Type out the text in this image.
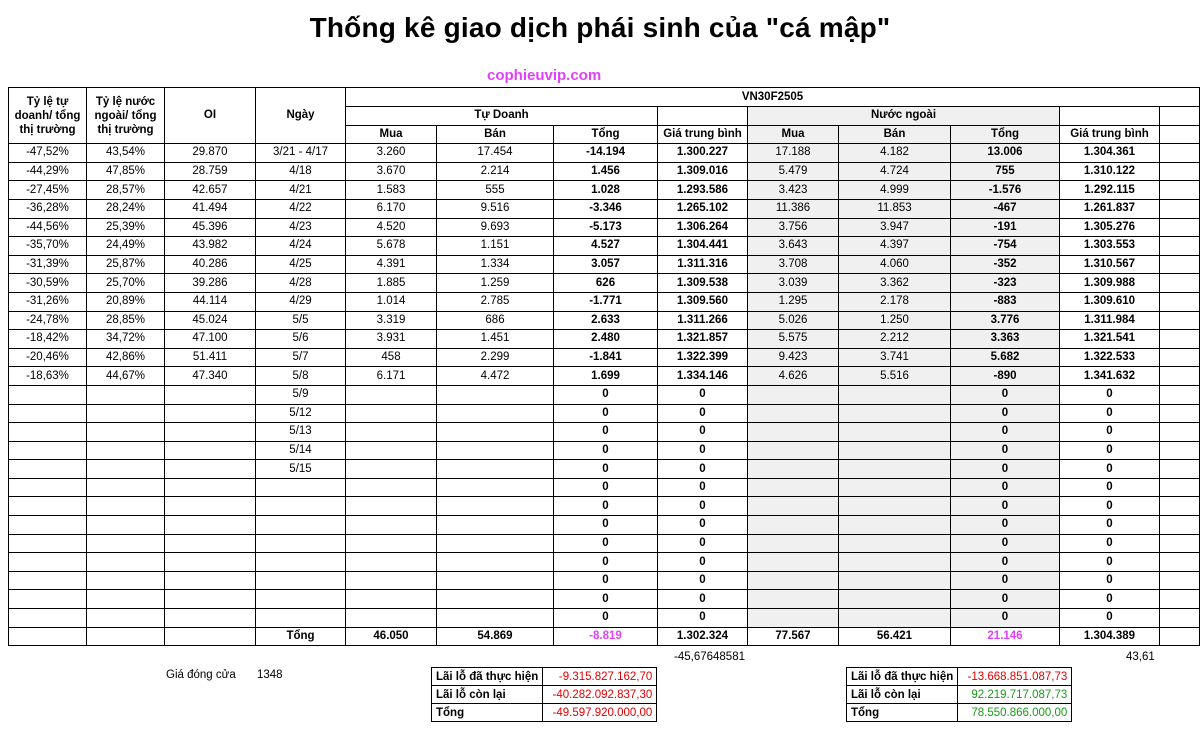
Thống kê giao dịch phái sinh của "cá mập"
cophieuvip.com
Tỷ lệ tự doanh/ tổng thị trường	Tỷ lệ nước ngoài/ tổng thị trường	OI	Ngày	VN30F2505								
				Tự Doanh				Nước ngoài				
				Mua	Bán	Tổng	Giá trung bình	Mua	Bán	Tổng	Giá trung bình	
-47,52%	43,54%	29.870	3/21 - 4/17	3.260	17.454	-14.194	1.300.227	17.188	4.182	13.006	1.304.361	
-44,29%	47,85%	28.759	4/18	3.670	2.214	1.456	1.309.016	5.479	4.724	755	1.310.122	
-27,45%	28,57%	42.657	4/21	1.583	555	1.028	1.293.586	3.423	4.999	-1.576	1.292.115	
-36,28%	28,24%	41.494	4/22	6.170	9.516	-3.346	1.265.102	11.386	11.853	-467	1.261.837	
-44,56%	25,39%	45.396	4/23	4.520	9.693	-5.173	1.306.264	3.756	3.947	-191	1.305.276	
-35,70%	24,49%	43.982	4/24	5.678	1.151	4.527	1.304.441	3.643	4.397	-754	1.303.553	
-31,39%	25,87%	40.286	4/25	4.391	1.334	3.057	1.311.316	3.708	4.060	-352	1.310.567	
-30,59%	25,70%	39.286	4/28	1.885	1.259	626	1.309.538	3.039	3.362	-323	1.309.988	
-31,26%	20,89%	44.114	4/29	1.014	2.785	-1.771	1.309.560	1.295	2.178	-883	1.309.610	
-24,78%	28,85%	45.024	5/5	3.319	686	2.633	1.311.266	5.026	1.250	3.776	1.311.984	
-18,42%	34,72%	47.100	5/6	3.931	1.451	2.480	1.321.857	5.575	2.212	3.363	1.321.541	
-20,46%	42,86%	51.411	5/7	458	2.299	-1.841	1.322.399	9.423	3.741	5.682	1.322.533	
-18,63%	44,67%	47.340	5/8	6.171	4.472	1.699	1.334.146	4.626	5.516	-890	1.341.632	
			5/9			0	0			0	0	
			5/12			0	0			0	0	
			5/13			0	0			0	0	
			5/14			0	0			0	0	
			5/15			0	0			0	0	
						0	0			0	0	
						0	0			0	0	
						0	0			0	0	
						0	0			0	0	
						0	0			0	0	
						0	0			0	0	
						0	0			0	0	
						0	0			0	0	
			Tổng	46.050	54.869	-8.819	1.302.324	77.567	56.421	21.146	1.304.389	
-45,67648581	43,61
Giá đóng cửa 1348	Lãi lỗ đã thực hiện	-9.315.827.162,70
Lãi lỗ còn lại	-40.282.092.837,30
Tổng	-49.597.920.000,00
Lãi lỗ đã thực hiện	-13.668.851.087,73
Lãi lỗ còn lại	92.219.717.087,73
Tổng	78.550.866.000,00
